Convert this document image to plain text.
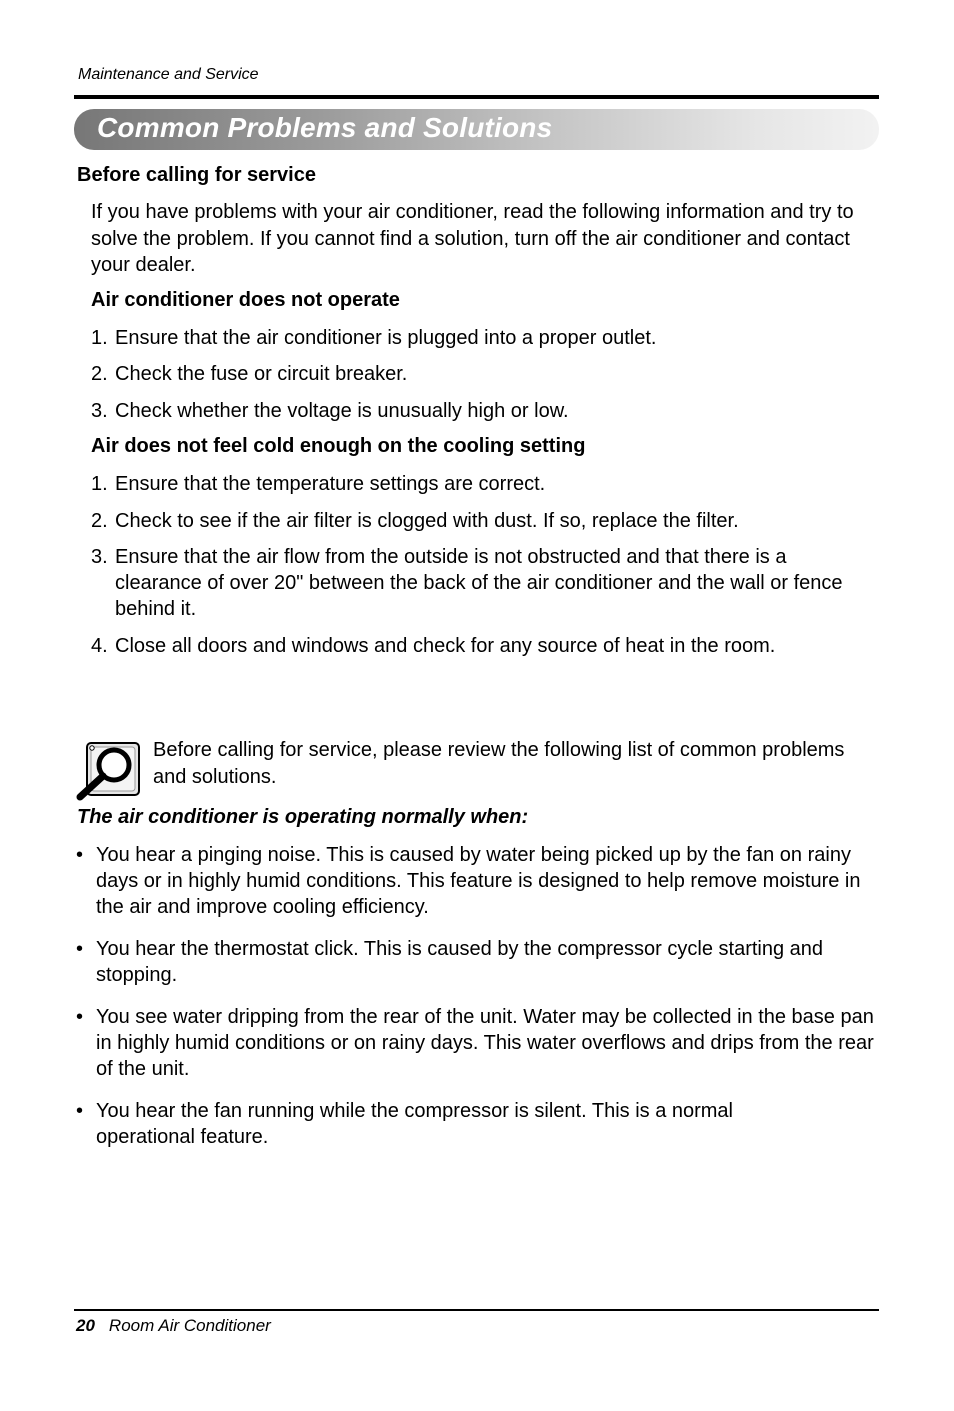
Maintenance and Service
Common Problems and Solutions
Before calling for service
If you have problems with your air conditioner, read the following information and try to solve the problem. If you cannot find a solution, turn off the air conditioner and contact your dealer.
Air conditioner does not operate
1. Ensure that the air conditioner is plugged into a proper outlet.
2. Check the fuse or circuit breaker.
3. Check whether the voltage is unusually high or low.
Air does not feel cold enough on the cooling setting
1. Ensure that the temperature settings are correct.
2. Check to see if the air filter is clogged with dust. If so, replace the filter.
3. Ensure that the air flow from the outside is not obstructed and that there is a clearance of over 20" between the back of the air conditioner and the wall or fence behind it.
4. Close all doors and windows and check for any source of heat in the room.
Before calling for service, please review the following list of common problems and solutions.
The air conditioner is operating normally when:
• You hear a pinging noise. This is caused by water being picked up by the fan on rainy days or in highly humid conditions. This feature is designed to help remove moisture in the air and improve cooling efficiency.
• You hear the thermostat click. This is caused by the compressor cycle starting and stopping.
• You see water dripping from the rear of the unit. Water may be collected in the base pan in highly humid conditions or on rainy days. This water overflows and drips from the rear of the unit.
• You hear the fan running while the compressor is silent. This is a normal operational feature.
20 Room Air Conditioner
